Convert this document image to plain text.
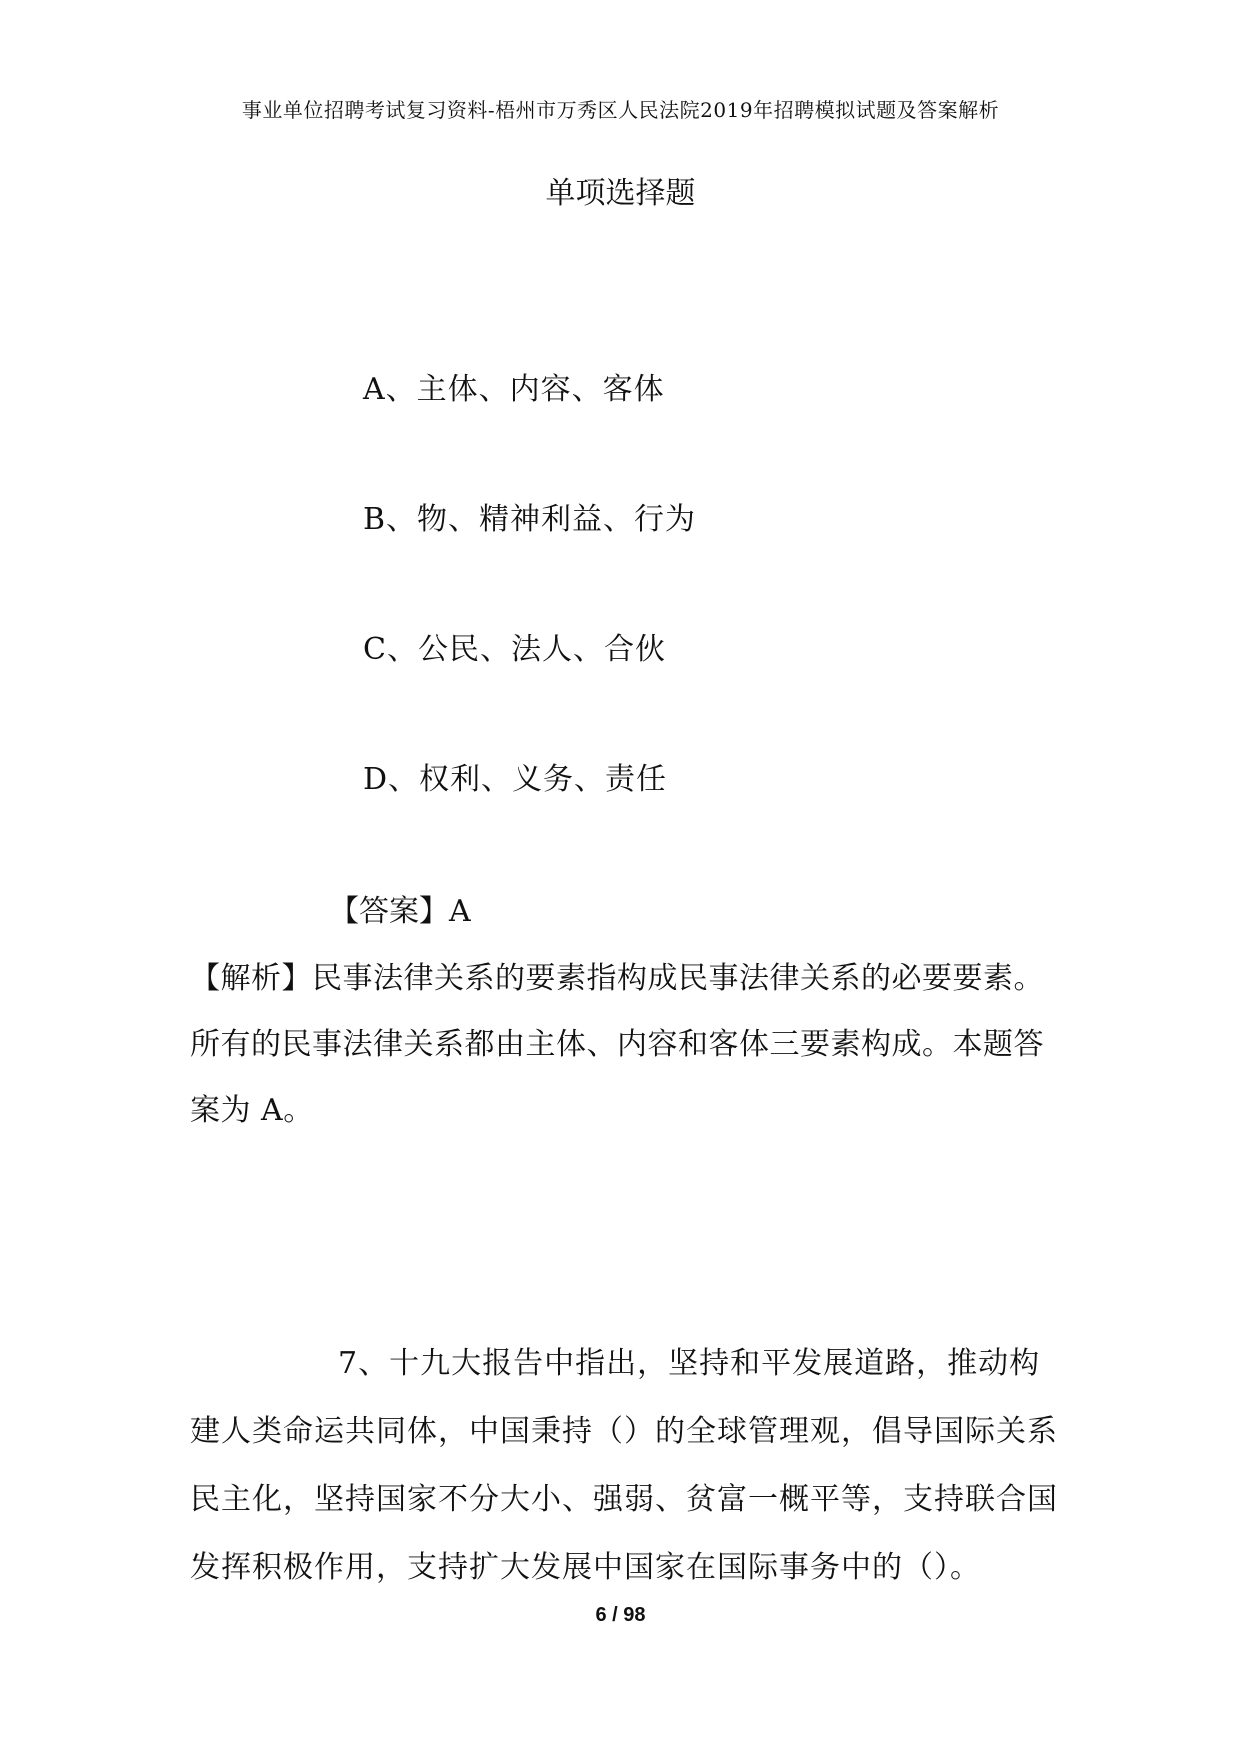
事业单位招聘考试复习资料-梧州市万秀区人民法院2019年招聘模拟试题及答案解析
单项选择题
A、主体、内容、客体
B、物、精神利益、行为
C、公民、法人、合伙
D、权利、义务、责任
【答案】A
【解析】民事法律关系的要素指构成民事法律关系的必要要素。
所有的民事法律关系都由主体、内容和客体三要素构成。本题答
案为 A。
7、十九大报告中指出，坚持和平发展道路，推动构
建人类命运共同体，中国秉持（）的全球管理观，倡导国际关系
民主化，坚持国家不分大小、强弱、贫富一概平等，支持联合国
发挥积极作用，支持扩大发展中国家在国际事务中的（）。
6 / 98
